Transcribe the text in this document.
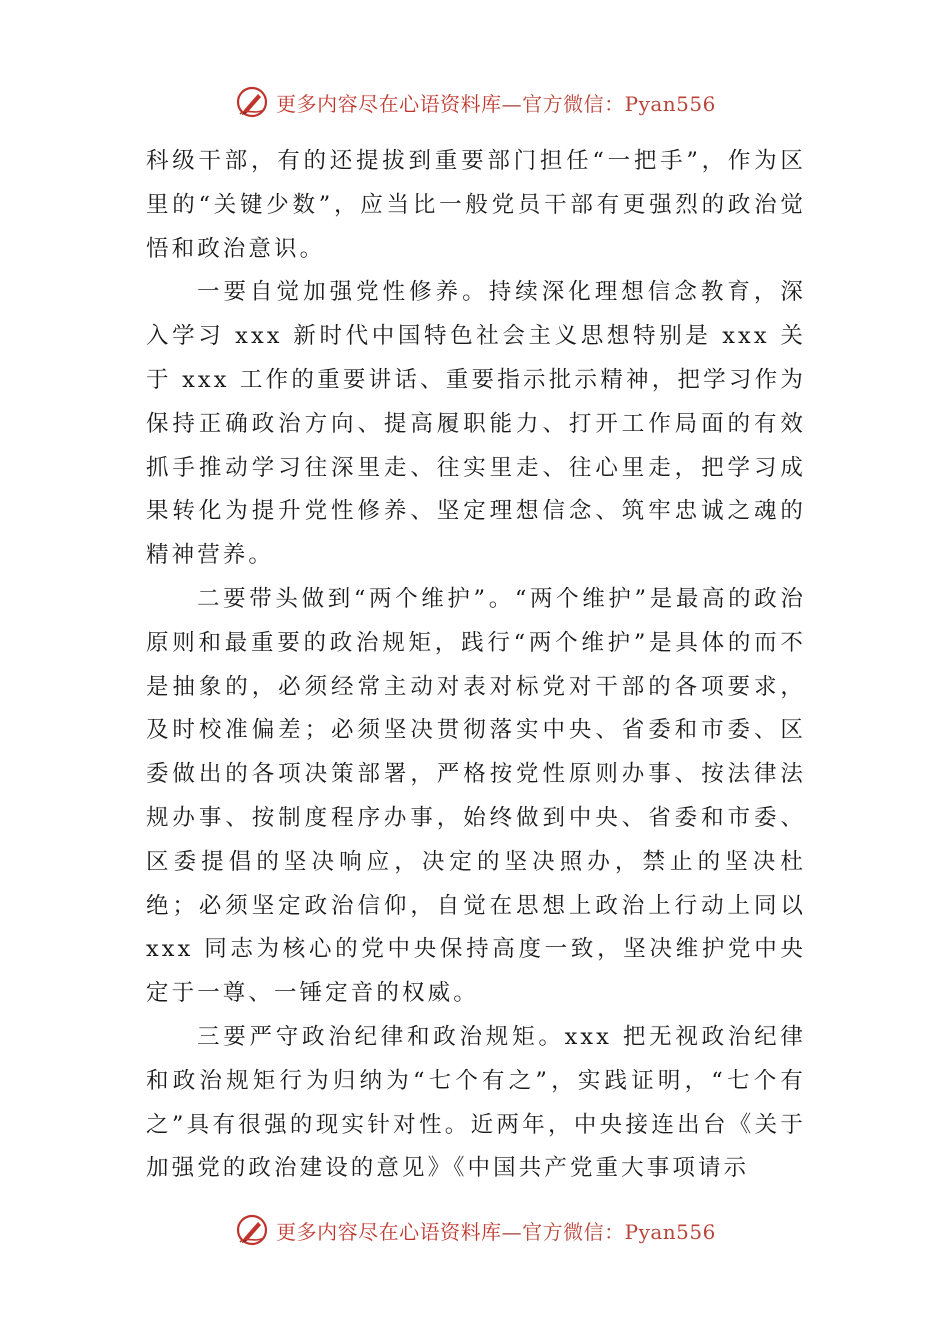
更多内容尽在心语资料库—官方微信：Pyan556

科级干部，有的还提拔到重要部门担任“一把手”，作为区里的“关键少数”，应当比一般党员干部有更强烈的政治觉悟和政治意识。

一要自觉加强党性修养。持续深化理想信念教育，深入学习 xxx 新时代中国特色社会主义思想特别是 xxx 关于 xxx 工作的重要讲话、重要指示批示精神，把学习作为保持正确政治方向、提高履职能力、打开工作局面的有效抓手推动学习往深里走、往实里走、往心里走，把学习成果转化为提升党性修养、坚定理想信念、筑牢忠诚之魂的精神营养。

二要带头做到“两个维护”。“两个维护”是最高的政治原则和最重要的政治规矩，践行“两个维护”是具体的而不是抽象的，必须经常主动对表对标党对干部的各项要求，及时校准偏差；必须坚决贯彻落实中央、省委和市委、区委做出的各项决策部署，严格按党性原则办事、按法律法规办事、按制度程序办事，始终做到中央、省委和市委、区委提倡的坚决响应，决定的坚决照办，禁止的坚决杜绝；必须坚定政治信仰，自觉在思想上政治上行动上同以 xxx 同志为核心的党中央保持高度一致，坚决维护党中央定于一尊、一锤定音的权威。

三要严守政治纪律和政治规矩。xxx 把无视政治纪律和政治规矩行为归纳为“七个有之”，实践证明，“七个有之”具有很强的现实针对性。近两年，中央接连出台《关于加强党的政治建设的意见》《中国共产党重大事项请示

更多内容尽在心语资料库—官方微信：Pyan556
